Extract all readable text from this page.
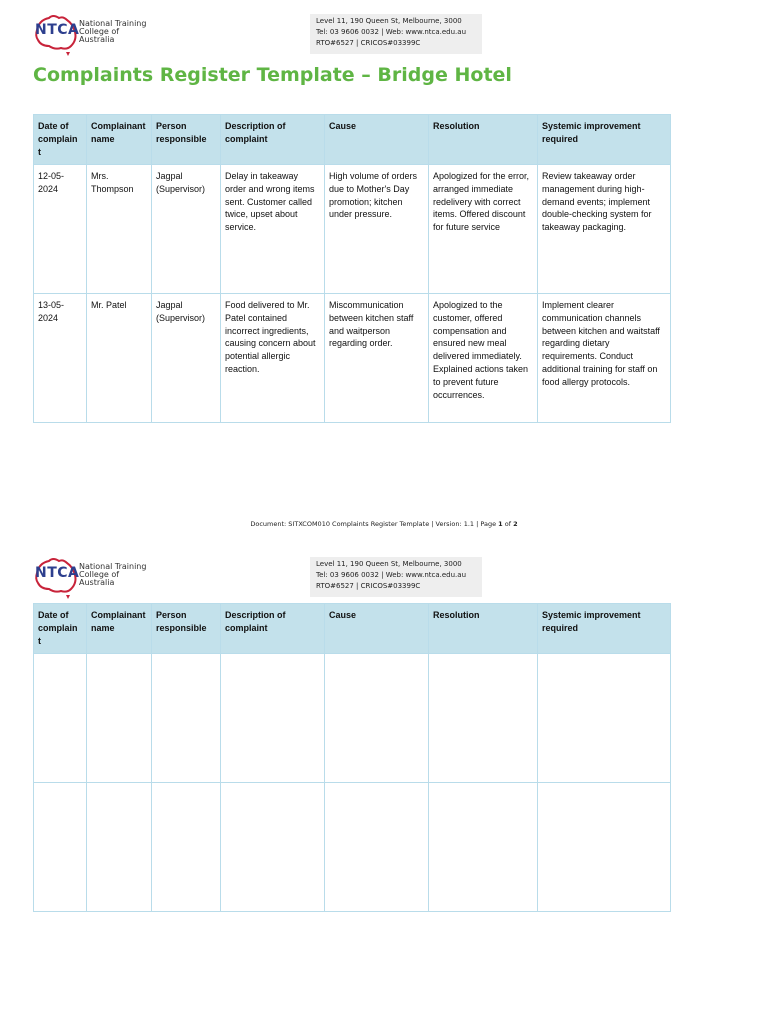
NTCA National Training
College of Australia
Level 11, 190 Queen St, Melbourne, 3000
Tel: 03 9606 0032 | Web: www.ntca.edu.au
RTO#6527 | CRICOS#03399C
Complaints Register Template – Bridge Hotel
Date of complain t	Complainant name	Person responsible	Description of complaint	Cause	Resolution	Systemic improvement required
12-05-2024	Mrs. Thompson	Jagpal (Supervisor)	Delay in takeaway order and wrong items sent. Customer called twice, upset about service.	High volume of orders due to Mother's Day promotion; kitchen under pressure.	Apologized for the error, arranged immediate redelivery with correct items. Offered discount for future service	Review takeaway order management during high-demand events; implement double-checking system for takeaway packaging.
13-05-2024	Mr. Patel	Jagpal (Supervisor)	Food delivered to Mr. Patel contained incorrect ingredients, causing concern about potential allergic reaction.	Miscommunication between kitchen staff and waitperson regarding order.	Apologized to the customer, offered compensation and ensured new meal delivered immediately. Explained actions taken to prevent future occurrences.	Implement clearer communication channels between kitchen and waitstaff regarding dietary requirements. Conduct additional training for staff on food allergy protocols.
Document: SITXCOM010 Complaints Register Template | Version: 1.1 | Page 1 of 2
NTCA National Training
College of Australia
Level 11, 190 Queen St, Melbourne, 3000
Tel: 03 9606 0032 | Web: www.ntca.edu.au
RTO#6527 | CRICOS#03399C
Date of complain t	Complainant name	Person responsible	Description of complaint	Cause	Resolution	Systemic improvement required
